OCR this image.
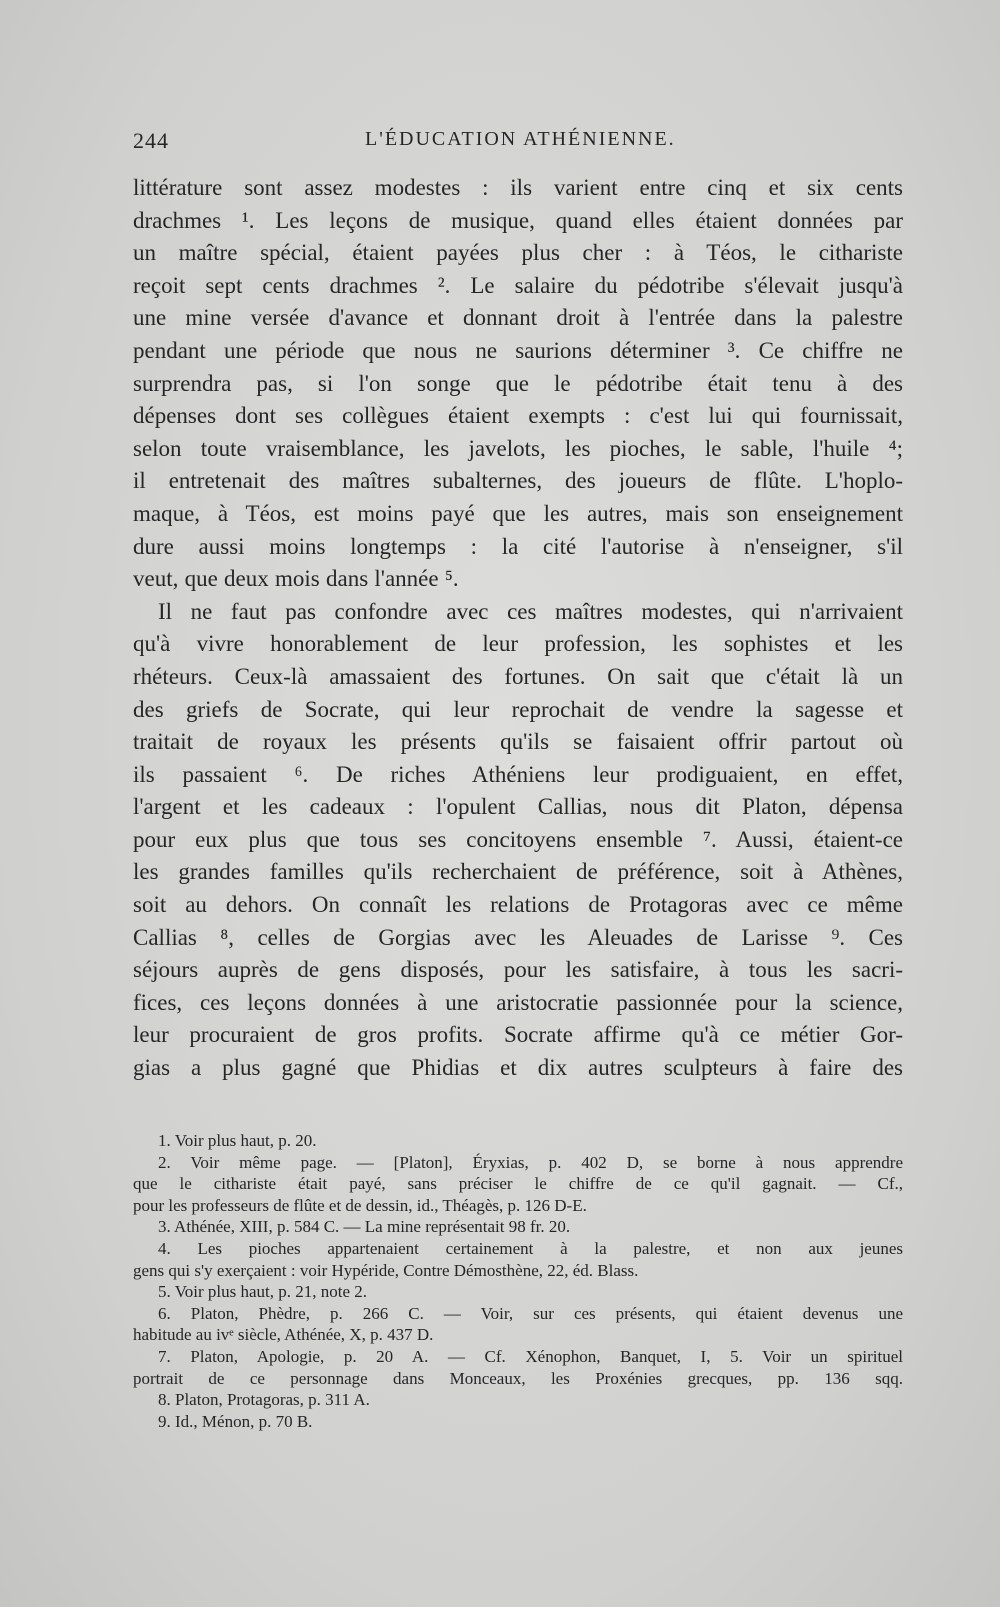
244	L'ÉDUCATION ATHÉNIENNE.
littérature sont assez modestes : ils varient entre cinq et six cents
drachmes ¹. Les leçons de musique, quand elles étaient données par
un maître spécial, étaient payées plus cher : à Téos, le cithariste
reçoit sept cents drachmes ². Le salaire du pédotribe s'élevait jusqu'à
une mine versée d'avance et donnant droit à l'entrée dans la palestre
pendant une période que nous ne saurions déterminer ³. Ce chiffre ne
surprendra pas, si l'on songe que le pédotribe était tenu à des
dépenses dont ses collègues étaient exempts : c'est lui qui fournissait,
selon toute vraisemblance, les javelots, les pioches, le sable, l'huile ⁴;
il entretenait des maîtres subalternes, des joueurs de flûte. L'hoplo-
maque, à Téos, est moins payé que les autres, mais son enseignement
dure aussi moins longtemps : la cité l'autorise à n'enseigner, s'il
veut, que deux mois dans l'année ⁵.
Il ne faut pas confondre avec ces maîtres modestes, qui n'arrivaient
qu'à vivre honorablement de leur profession, les sophistes et les
rhéteurs. Ceux-là amassaient des fortunes. On sait que c'était là un
des griefs de Socrate, qui leur reprochait de vendre la sagesse et
traitait de royaux les présents qu'ils se faisaient offrir partout où
ils passaient ⁶. De riches Athéniens leur prodiguaient, en effet,
l'argent et les cadeaux : l'opulent Callias, nous dit Platon, dépensa
pour eux plus que tous ses concitoyens ensemble ⁷. Aussi, étaient-ce
les grandes familles qu'ils recherchaient de préférence, soit à Athènes,
soit au dehors. On connaît les relations de Protagoras avec ce même
Callias ⁸, celles de Gorgias avec les Aleuades de Larisse ⁹. Ces
séjours auprès de gens disposés, pour les satisfaire, à tous les sacri-
fices, ces leçons données à une aristocratie passionnée pour la science,
leur procuraient de gros profits. Socrate affirme qu'à ce métier Gor-
gias a plus gagné que Phidias et dix autres sculpteurs à faire des
1. Voir plus haut, p. 20.
2. Voir même page. — [Platon], Éryxias, p. 402 D, se borne à nous apprendre
que le cithariste était payé, sans préciser le chiffre de ce qu'il gagnait. — Cf.,
pour les professeurs de flûte et de dessin, id., Théagès, p. 126 D-E.
3. Athénée, XIII, p. 584 C. — La mine représentait 98 fr. 20.
4. Les pioches appartenaient certainement à la palestre, et non aux jeunes
gens qui s'y exerçaient : voir Hypéride, Contre Démosthène, 22, éd. Blass.
5. Voir plus haut, p. 21, note 2.
6. Platon, Phèdre, p. 266 C. — Voir, sur ces présents, qui étaient devenus une
habitude au ivᵉ siècle, Athénée, X, p. 437 D.
7. Platon, Apologie, p. 20 A. — Cf. Xénophon, Banquet, I, 5. Voir un spirituel
portrait de ce personnage dans Monceaux, les Proxénies grecques, pp. 136 sqq.
8. Platon, Protagoras, p. 311 A.
9. Id., Ménon, p. 70 B.
